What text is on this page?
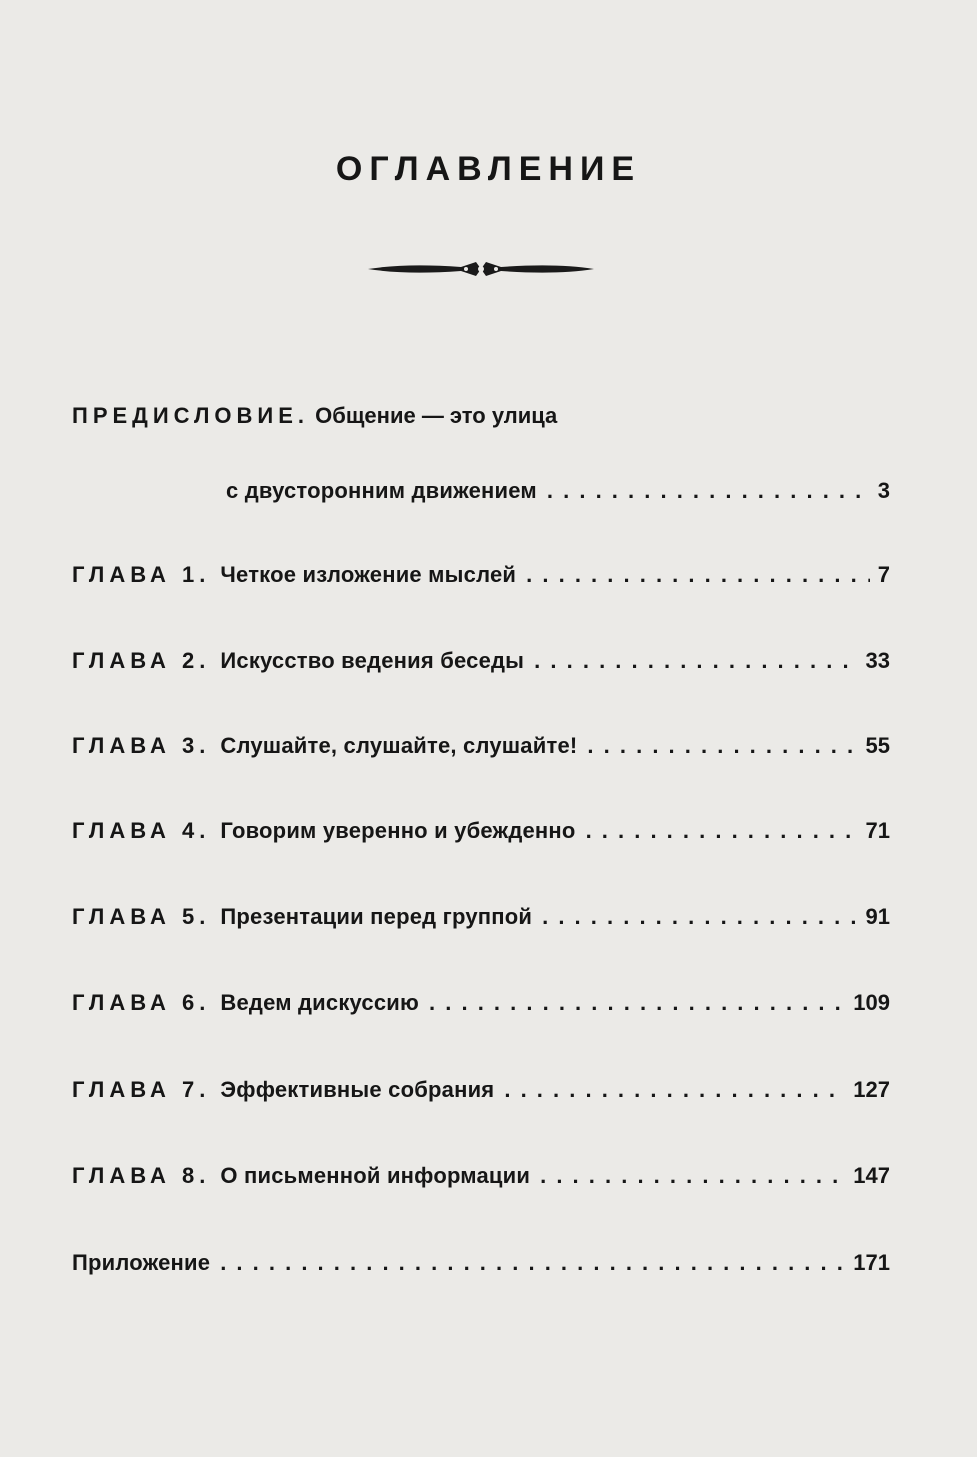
ОГЛАВЛЕНИЕ
ПРЕДИСЛОВИЕ. Общение — это улица
с двусторонним движением . . .	3
ГЛАВА 1. Четкое изложение мыслей . . .	7
ГЛАВА 2. Искусство ведения беседы . . .	33
ГЛАВА 3. Слушайте, слушайте, слушайте! . . .	55
ГЛАВА 4. Говорим уверенно и убежденно . . .	71
ГЛАВА 5. Презентации перед группой . . .	91
ГЛАВА 6. Ведем дискуссию . . .	109
ГЛАВА 7. Эффективные собрания . . .	127
ГЛАВА 8. О письменной информации . . .	147
Приложение . . .	171
